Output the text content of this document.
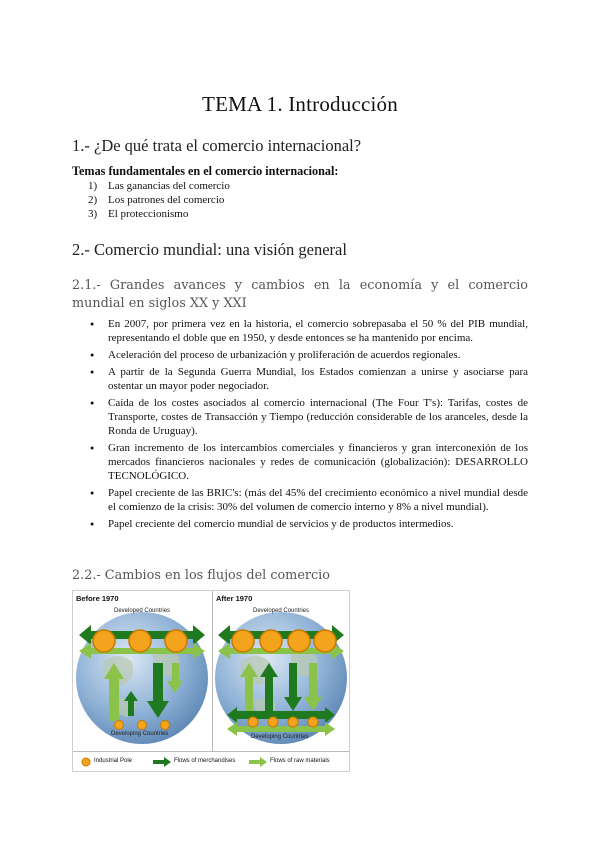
TEMA 1. Introducción
1.- ¿De qué trata el comercio internacional?
Temas fundamentales en el comercio internacional:
1) Las ganancias del comercio
2) Los patrones del comercio
3) El proteccionismo
2.- Comercio mundial: una visión general
2.1.- Grandes avances y cambios en la economía y el comercio mundial en siglos XX y XXI
● En 2007, por primera vez en la historia, el comercio sobrepasaba el 50 % del PIB mundial, representando el doble que en 1950, y desde entonces se ha mantenido por encima.
● Aceleración del proceso de urbanización y proliferación de acuerdos regionales.
● A partir de la Segunda Guerra Mundial, los Estados comienzan a unirse y asociarse para ostentar un mayor poder negociador.
● Caída de los costes asociados al comercio internacional (The Four T's): Tarifas, costes de Transporte, costes de Transacción y Tiempo (reducción considerable de los aranceles, desde la Ronda de Uruguay).
● Gran incremento de los intercambios comerciales y financieros y gran interconexión de los mercados financieros nacionales y redes de comunicación (globalización): DESARROLLO TECNOLÓGICO.
● Papel creciente de las BRIC's: (más del 45% del crecimiento económico a nivel mundial desde el comienzo de la crisis: 30% del volumen de comercio interno y 8% a nivel mundial).
● Papel creciente del comercio mundial de servicios y de productos intermedios.
2.2.- Cambios en los flujos del comercio
Before 1970	After 1970
Developed Countries
Developing Countries
Developed Countries
Developing Countries
Industrial Pole	Flows of merchandises	Flows of raw materials
